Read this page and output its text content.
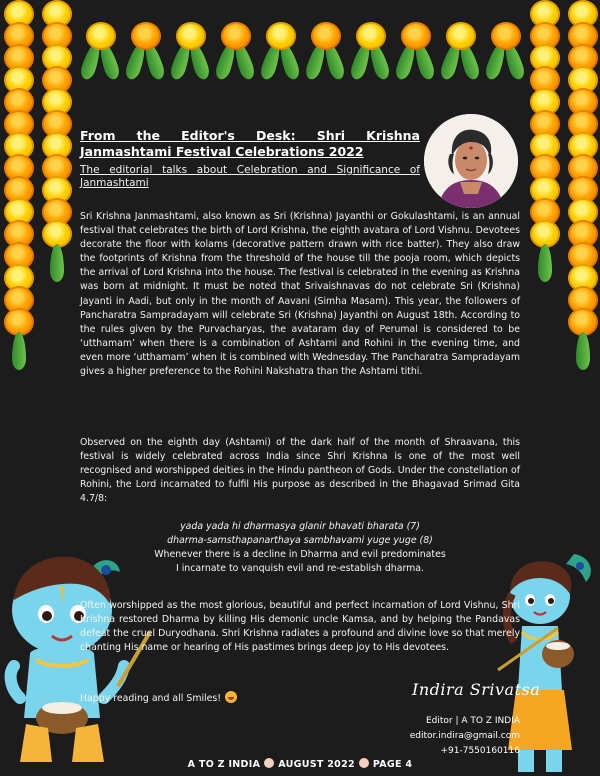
From the Editor's Desk: Shri Krishna Janmashtami Festival Celebrations 2022
The editorial talks about Celebration and Significance of Janmashtami
Sri Krishna Janmashtami, also known as Sri (Krishna) Jayanthi or Gokulashtami, is an annual festival that celebrates the birth of Lord Krishna, the eighth avatara of Lord Vishnu. Devotees decorate the floor with kolams (decorative pattern drawn with rice batter). They also draw the footprints of Krishna from the threshold of the house till the pooja room, which depicts the arrival of Lord Krishna into the house. The festival is celebrated in the evening as Krishna was born at midnight. It must be noted that Srivaishnavas do not celebrate Sri (Krishna) Jayanti in Aadi, but only in the month of Aavani (Simha Masam). This year, the followers of Pancharatra Sampradayam will celebrate Sri (Krishna) Jayanthi on August 18th. According to the rules given by the Purvacharyas, the avataram day of Perumal is considered to be ‘utthamam’ when there is a combination of Ashtami and Rohini in the evening time, and even more ‘utthamam’ when it is combined with Wednesday. The Pancharatra Sampradayam gives a higher preference to the Rohini Nakshatra than the Ashtami tithi.
Observed on the eighth day (Ashtami) of the dark half of the month of Shraavana, this festival is widely celebrated across India since Shri Krishna is one of the most well recognised and worshipped deities in the Hindu pantheon of Gods. Under the constellation of Rohini, the Lord incarnated to fulfil His purpose as described in the Bhagavad Srimad Gita 4.7/8:
yada yada hi dharmasya glanir bhavati bharata (7)
dharma-samsthapanarthaya sambhavami yuge yuge (8)
Whenever there is a decline in Dharma and evil predominates
I incarnate to vanquish evil and re-establish dharma.
Often worshipped as the most glorious, beautiful and perfect incarnation of Lord Vishnu, Shri Krishna restored Dharma by killing His demonic uncle Kamsa, and by helping the Pandavas defeat the cruel Duryodhana. Shri Krishna radiates a profound and divine love so that merely chanting His name or hearing of His pastimes brings deep joy to His devotees.
Happy reading and all Smiles!	Indira Srivatsa
Editor | A TO Z INDIA
editor.indira@gmail.com
+91-7550160116
A TO Z INDIA AUGUST 2022 PAGE 4
